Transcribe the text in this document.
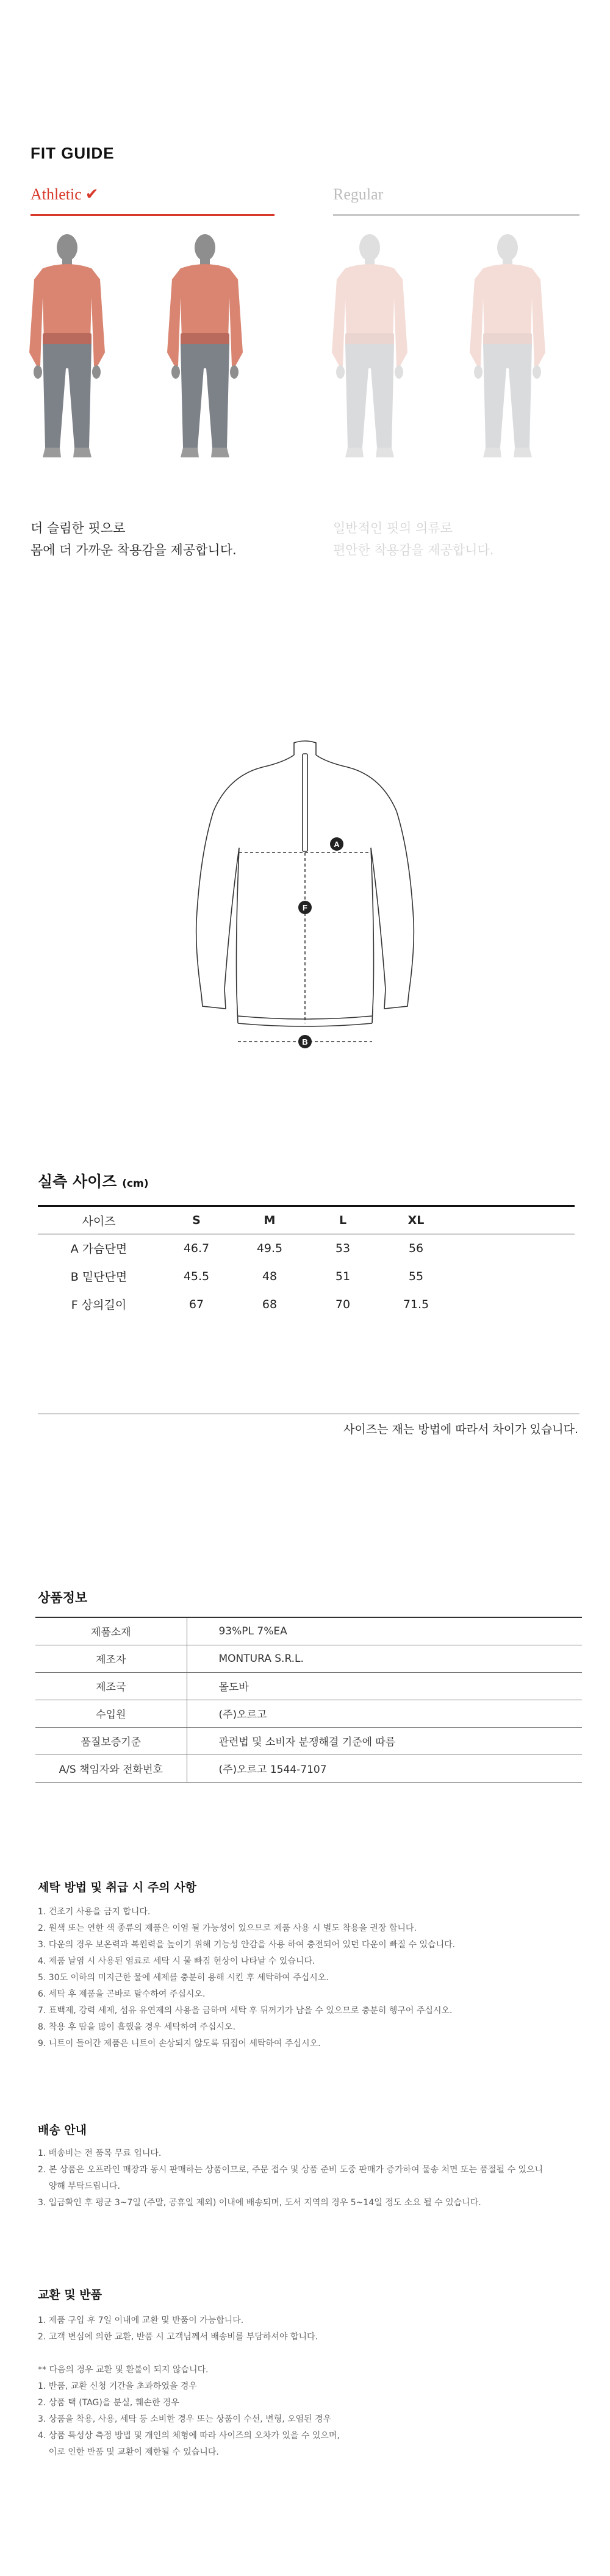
FIT GUIDE
Athletic ✔	Regular
더 슬림한 핏으로
몸에 더 가까운 착용감을 제공합니다.
일반적인 핏의 의류로
편안한 착용감을 제공합니다.
A
F
B
실측 사이즈 (cm)
사이즈	S	M	L	XL	
A 가슴단면	46.7	49.5	53	56	
B 밑단단면	45.5	48	51	55	
F 상의길이	67	68	70	71.5	
사이즈는 재는 방법에 따라서 차이가 있습니다.
상품정보
제품소재	93%PL 7%EA
제조자	MONTURA S.R.L.
제조국	몰도바
수입원	(주)오르고
품질보증기준	관련법 및 소비자 분쟁해결 기준에 따름
A/S 책임자와 전화번호	(주)오르고 1544-7107
세탁 방법 및 취급 시 주의 사항
1. 건조기 사용을 금지 합니다.
2. 원색 또는 연한 색 종류의 제품은 이염 될 가능성이 있으므로 제품 사용 시 별도 착용을 권장 합니다.
3. 다운의 경우 보온력과 복원력을 높이기 위해 기능성 안감을 사용 하여 충전되어 있던 다운이 빠질 수 있습니다.
4. 제품 날염 시 사용된 염료로 세탁 시 물 빠짐 현상이 나타날 수 있습니다.
5. 30도 이하의 미지근한 물에 세제를 충분히 용해 시킨 후 세탁하여 주십시오.
6. 세탁 후 제품을 곤바로 탈수하여 주십시오.
7. 표백제, 강력 세제, 섬유 유연제의 사용을 금하며 세탁 후 뒤꺼기가 남을 수 있으므로 충분히 헹구어 주십시오.
8. 착용 후 땀을 많이 흡했을 경우 세탁하여 주십시오.
9. 니트이 들어간 제품은 니트이 손상되지 않도록 뒤집어 세탁하여 주십시오.
배송 안내
1. 배송비는 전 품목 무료 입니다.
2. 본 상품은 오프라인 매장과 동시 판매하는 상품이므로, 주문 접수 및 상품 준비 도중 판매가 증가하여 물송 처면 또는 품절될 수 있으니
양해 부탁드립니다.
3. 입금확인 후 평균 3~7일 (주말, 공휴일 제외) 이내에 배송되며, 도서 지역의 경우 5~14일 정도 소요 될 수 있습니다.
교환 및 반품
1. 제품 구입 후 7일 이내에 교환 및 반품이 가능합니다.
2. 고객 변심에 의한 교환, 반품 시 고객님께서 배송비를 부담하셔야 합니다.
** 다음의 경우 교환 및 환불이 되지 않습니다.
1. 반품, 교환 신청 기간을 초과하였을 경우
2. 상품 택 (TAG)을 분실, 훼손한 경우
3. 상품을 착용, 사용, 세탁 등 소비한 경우 또는 상품이 수선, 변형, 오염된 경우
4. 상품 특성상 측정 방법 및 개인의 체형에 따라 사이즈의 오차가 있을 수 있으며,
이로 인한 반품 및 교환이 제한될 수 있습니다.
